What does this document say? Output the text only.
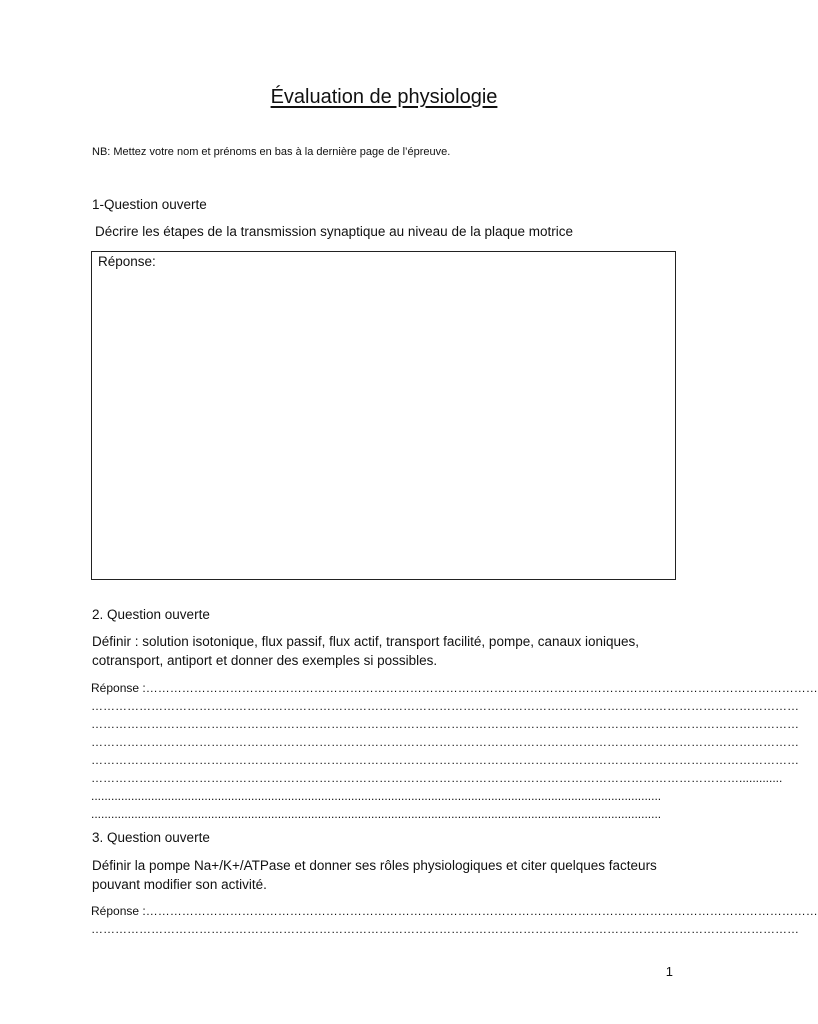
Évaluation de physiologie
NB: Mettez votre nom et prénoms en bas à la dernière page de l’épreuve.
1-Question ouverte
Décrire les étapes de la transmission synaptique au niveau de la plaque motrice
Réponse:
2. Question ouverte
Définir : solution isotonique, flux passif, flux actif, transport facilité, pompe, canaux ioniques, cotransport, antiport et donner des exemples si possibles.
Réponse :……………………………………………………………………………………………………………………………………………………
……………………………………………………………………………………………………………………………………………………………
……………………………………………………………………………………………………………………………………………………………
……………………………………………………………………………………………………………………………………………………………
……………………………………………………………………………………………………………………………………………………………
……………………………………………………………………………………………………………………………………………….............
...........................................................................................................................................................................
...........................................................................................................................................................................
3. Question ouverte
Définir la pompe Na+/K+/ATPase et donner ses rôles physiologiques et citer quelques facteurs pouvant modifier son activité.
Réponse :……………………………………………………………………………………………………………………………………………………
……………………………………………………………………………………………………………………………………………………………
1
